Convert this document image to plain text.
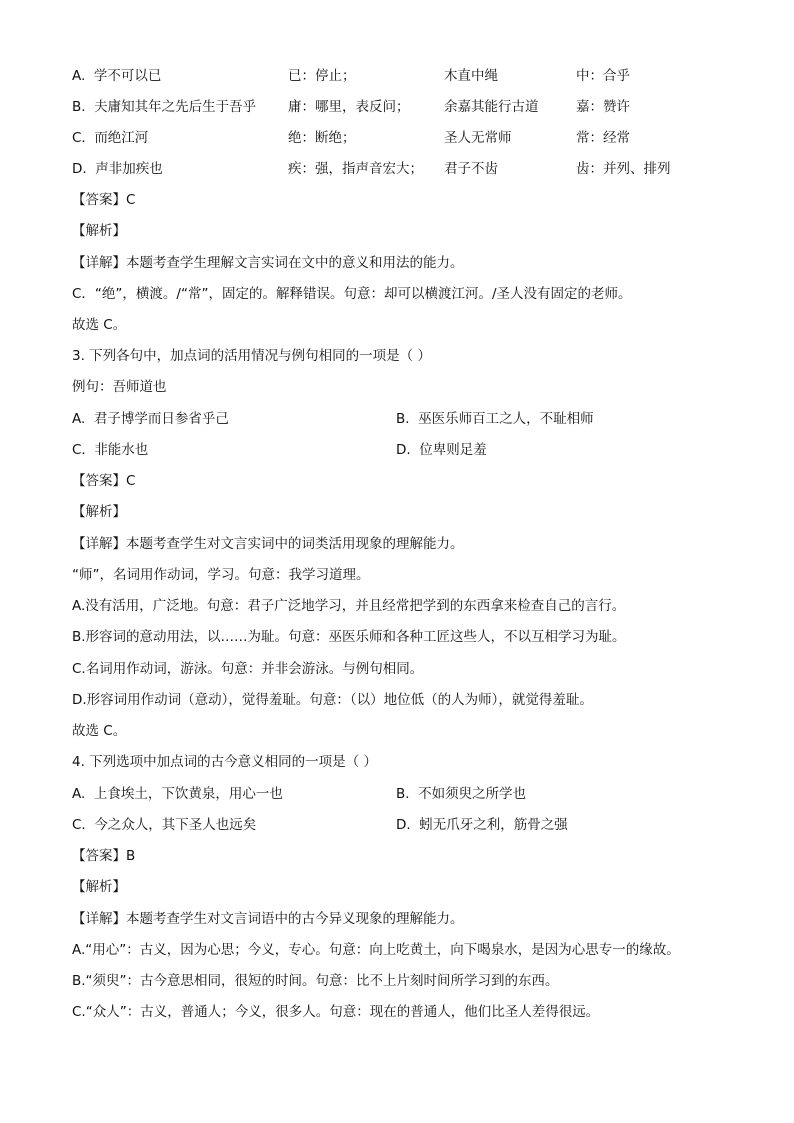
A. 学不可以已	已：停止；	木直中绳	中：合乎
B. 夫庸知其年之先后生于吾乎 庸：哪里，表反问；	余嘉其能行古道	嘉：赞许
C. 而绝江河	绝：断绝；	圣人无常师	常：经常
D. 声非加疾也	疾：强，指声音宏大； 君子不齿	齿：并列、排列
【答案】C
【解析】
【详解】本题考查学生理解文言实词在文中的意义和用法的能力。
C．“绝”，横渡。/“常”，固定的。解释错误。句意：却可以横渡江河。/圣人没有固定的老师。
故选 C。
3. 下列各句中，加点词的活用情况与例句相同的一项是（ ）
例句：吾师道也
A. 君子博学而日参省乎己	B. 巫医乐师百工之人，不耻相师
C. 非能水也	D. 位卑则足羞
【答案】C
【解析】
【详解】本题考查学生对文言实词中的词类活用现象的理解能力。
“师”，名词用作动词，学习。句意：我学习道理。
A.没有活用，广泛地。句意：君子广泛地学习，并且经常把学到的东西拿来检查自己的言行。
B.形容词的意动用法，以……为耻。句意：巫医乐师和各种工匠这些人，不以互相学习为耻。
C.名词用作动词，游泳。句意：并非会游泳。与例句相同。
D.形容词用作动词（意动），觉得羞耻。句意：（以）地位低（的人为师），就觉得羞耻。
故选 C。
4. 下列选项中加点词的古今意义相同的一项是（ ）
A. 上食埃土，下饮黄泉，用心一也	B. 不如须臾之所学也
C. 今之众人，其下圣人也远矣	D. 蚓无爪牙之利，筋骨之强
【答案】B
【解析】
【详解】本题考查学生对文言词语中的古今异义现象的理解能力。
A.“用心”：古义，因为心思；今义，专心。句意：向上吃黄土，向下喝泉水，是因为心思专一的缘故。
B.“须臾”：古今意思相同，很短的时间。句意：比不上片刻时间所学习到的东西。
C.“众人”：古义，普通人；今义，很多人。句意：现在的普通人，他们比圣人差得很远。
